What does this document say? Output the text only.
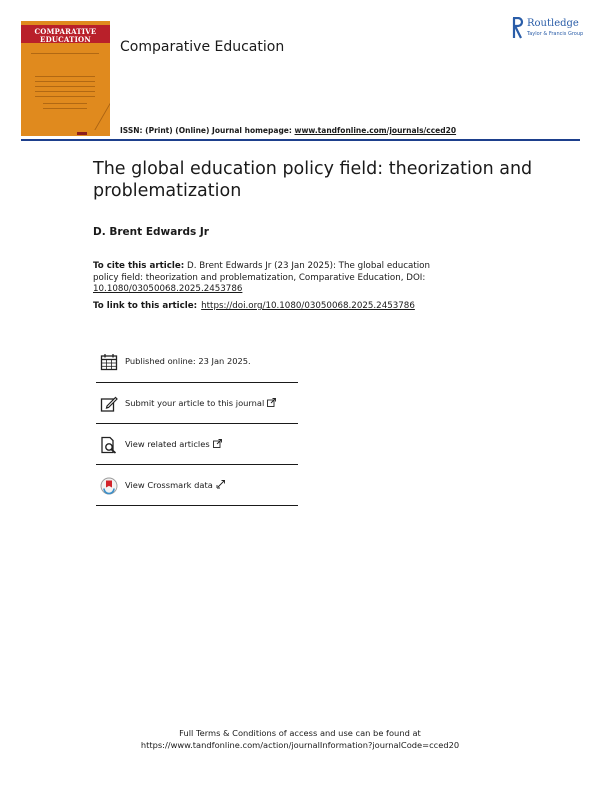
COMPARATIVE
EDUCATION	Comparative Education
Routledge
Taylor & Francis Group
ISSN: (Print) (Online) Journal homepage: www.tandfonline.com/journals/cced20
The global education policy field: theorization and problematization
D. Brent Edwards Jr
To cite this article: D. Brent Edwards Jr (23 Jan 2025): The global education policy field: theorization and problematization, Comparative Education, DOI: 10.1080/03050068.2025.2453786
To link to this article: https://doi.org/10.1080/03050068.2025.2453786
Published online: 23 Jan 2025.
Submit your article to this journal
View related articles
View Crossmark data
Full Terms & Conditions of access and use can be found at
https://www.tandfonline.com/action/journalInformation?journalCode=cced20
